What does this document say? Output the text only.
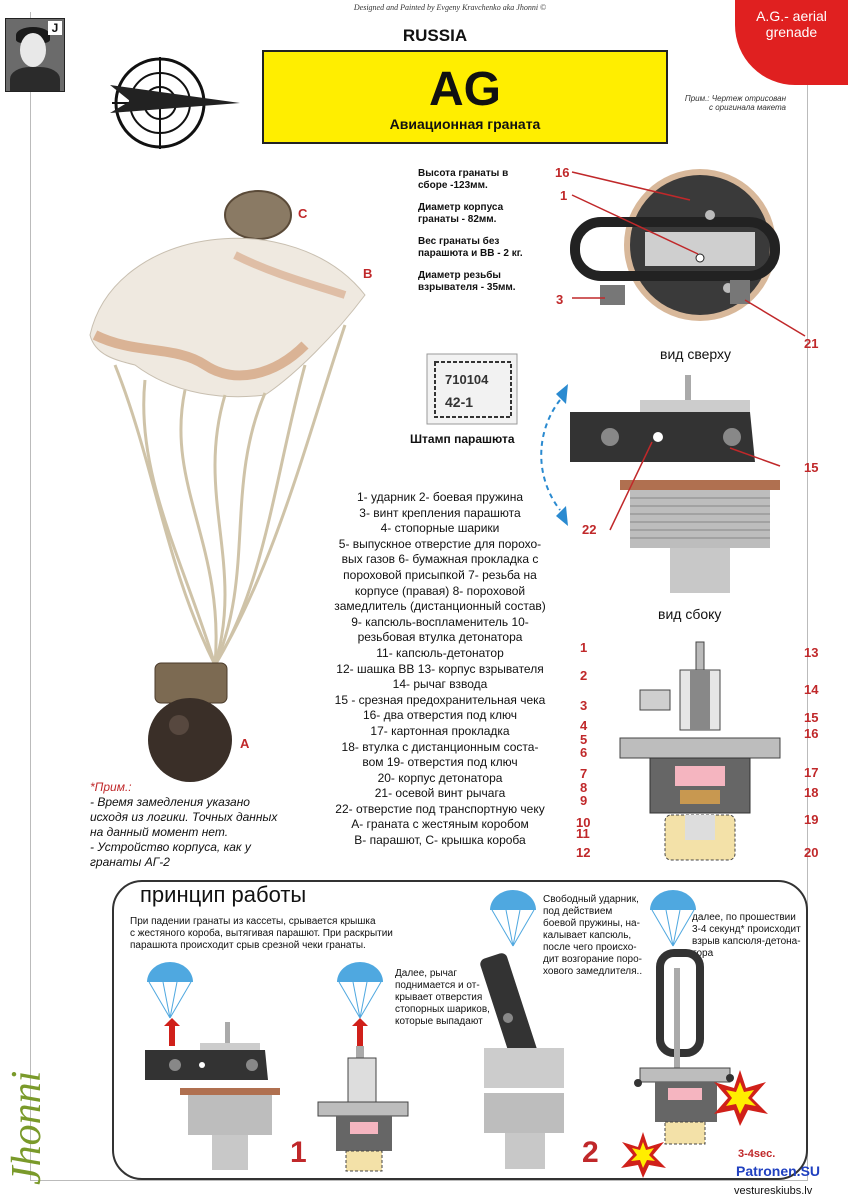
Designed and Painted by Evgeny Kravchenko aka Jhonni ©
J
A.G.- aerial
grenade
RUSSIA
AG
Авиационная граната
Прим.: Чертеж отрисован
с оригинала макета
C
B
A

Высота гранаты в
сборе -123мм.

Диаметр корпуса
гранаты - 82мм.

Вес гранаты без
парашюта и ВВ - 2 кг.

Диаметр резьбы
взрывателя - 35мм.

710104
42-1
Штамп парашюта
16
1
3
21
вид сверху
15
22
вид сбоку
1
2
3
4
5
6
7
8
9
10
11
12
13
14
15
16
17
18
19
20
1- ударник 2- боевая пружина
3- винт крепления парашюта
4- стопорные шарики
5- выпускное отверстие для порохо-
вых газов 6- бумажная прокладка с
пороховой присыпкой 7- резьба на
корпусе (правая) 8- пороховой
замедлитель (дистанционный состав)
9- капсюль-воспламенитель 10-
резьбовая втулка детонатора
11- капсюль-детонатор
12- шашка ВВ 13- корпус взрывателя
14- рычаг взвода
15 - срезная предохранительная чека
16- два отверстия под ключ
17- картонная прокладка
18- втулка с дистанционным соста-
вом 19- отверстия под ключ
20- корпус детонатора
21- осевой винт рычага
22- отверстие под транспортную чеку
А- граната с жестяным коробом
В- парашют, С- крышка короба
*Прим.:
- Время замедления указано
исходя из логики. Точных данных
на данный момент нет.
- Устройство корпуса, как у
гранаты АГ-2
принцип работы
При падении гранаты из кассеты, срывается крышка
с жестяного короба, вытягивая парашют. При раскрытии
парашюта происходит срыв срезной чеки гранаты.
Далее, рычаг
поднимается и от-
крывает отверстия
стопорных шариков,
которые выпадают
Свободный ударник,
под действием
боевой пружины, на-
калывает капсюль,
после чего происхо-
дит возгорание поро-
хового замедлителя..
далее, по прошествии
3-4 секунд* происходит
взрыв капсюля-детона-
тора
1	2	3-4sec.
Jhonni	Patronen.SU
vestureskiubs.lv
